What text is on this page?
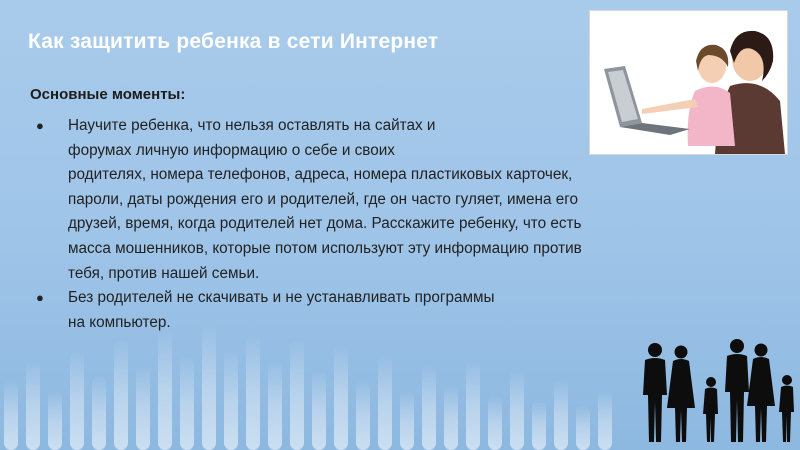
Как защитить ребенка в сети Интернет

Основные моменты:

● Научите ребенка, что нельзя оставлять на сайтах и
форумах личную информацию о себе и своих
родителях, номера телефонов, адреса, номера пластиковых карточек,
пароли, даты рождения его и родителей, где он часто гуляет, имена его
друзей, время, когда родителей нет дома. Расскажите ребенку, что есть
масса мошенников, которые потом используют эту информацию против
тебя, против нашей семьи.
● Без родителей не скачивать и не устанавливать программы
на компьютер.
